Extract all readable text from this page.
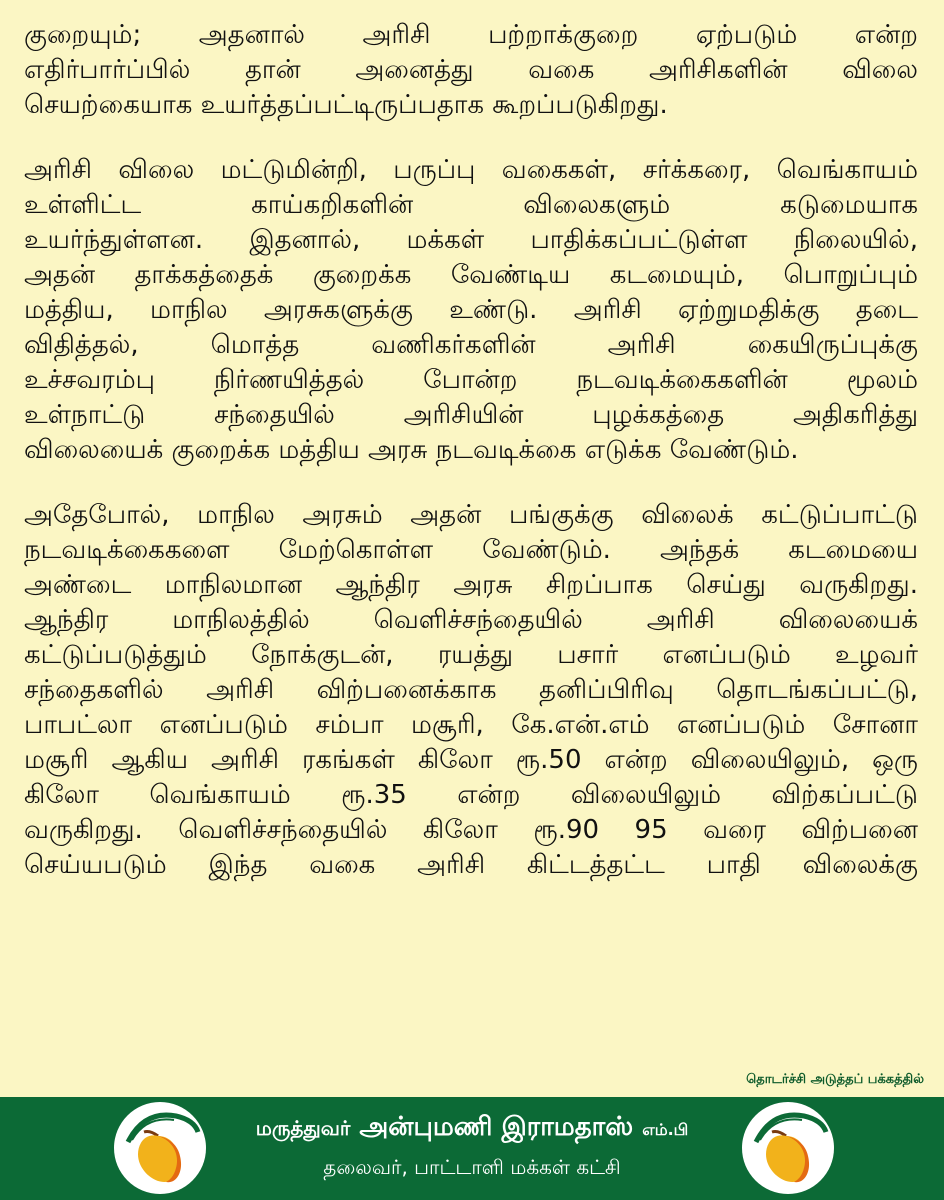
குறையும்; அதனால் அரிசி பற்றாக்குறை ஏற்படும் என்ற
எதிர்பார்ப்பில் தான் அனைத்து வகை அரிசிகளின் விலை
செயற்கையாக உயர்த்தப்பட்டிருப்பதாக கூறப்படுகிறது.
அரிசி விலை மட்டுமின்றி, பருப்பு வகைகள், சர்க்கரை, வெங்காயம்
உள்ளிட்ட காய்கறிகளின் விலைகளும் கடுமையாக
உயர்ந்துள்ளன. இதனால், மக்கள் பாதிக்கப்பட்டுள்ள நிலையில்,
அதன் தாக்கத்தைக் குறைக்க வேண்டிய கடமையும், பொறுப்பும்
மத்திய, மாநில அரசுகளுக்கு உண்டு. அரிசி ஏற்றுமதிக்கு தடை
விதித்தல், மொத்த வணிகர்களின் அரிசி கையிருப்புக்கு
உச்சவரம்பு நிர்ணயித்தல் போன்ற நடவடிக்கைகளின் மூலம்
உள்நாட்டு சந்தையில் அரிசியின் புழக்கத்தை அதிகரித்து
விலையைக் குறைக்க மத்திய அரசு நடவடிக்கை எடுக்க வேண்டும்.
அதேபோல், மாநில அரசும் அதன் பங்குக்கு விலைக் கட்டுப்பாட்டு
நடவடிக்கைகளை மேற்கொள்ள வேண்டும். அந்தக் கடமையை
அண்டை மாநிலமான ஆந்திர அரசு சிறப்பாக செய்து வருகிறது.
ஆந்திர மாநிலத்தில் வெளிச்சந்தையில் அரிசி விலையைக்
கட்டுப்படுத்தும் நோக்குடன், ரயத்து பசார் எனப்படும் உழவர்
சந்தைகளில் அரிசி விற்பனைக்காக தனிப்பிரிவு தொடங்கப்பட்டு,
பாபட்லா எனப்படும் சம்பா மசூரி, கே.என்.எம் எனப்படும் சோனா
மசூரி ஆகிய அரிசி ரகங்கள் கிலோ ரூ.50 என்ற விலையிலும், ஒரு
கிலோ வெங்காயம் ரூ.35 என்ற விலையிலும் விற்கப்பட்டு
வருகிறது. வெளிச்சந்தையில் கிலோ ரூ.90 95 வரை விற்பனை
செய்யபடும் இந்த வகை அரிசி கிட்டத்தட்ட பாதி விலைக்கு
தொடர்ச்சி அடுத்தப் பக்கத்தில்
மருத்துவர் அன்புமணி இராமதாஸ் எம்.பி
தலைவர், பாட்டாளி மக்கள் கட்சி
